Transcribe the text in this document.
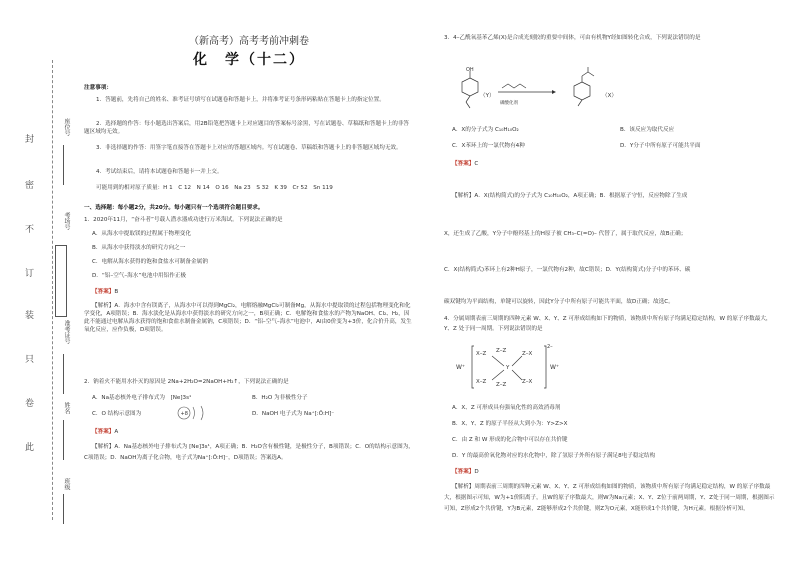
封
密
不
订
装
只
卷
此
座位号
考场号
准考证号
姓名
班级
（新高考）高考考前冲刺卷
化　学（十二）
注意事项：
1．答题前，先将自己的姓名、准考证号填写在试题卷和答题卡上，并将准考证号条形码粘贴在答题卡上的指定位置。
2．选择题的作答：每小题选出答案后，用2B铅笔把答题卡上对应题目的答案标号涂黑，写在试题卷、草稿纸和答题卡上的非答题区域均无效。
3．非选择题的作答：用签字笔直接答在答题卡上对应的答题区域内。写在试题卷、草稿纸和答题卡上的非答题区域均无效。
4．考试结束后，请将本试题卷和答题卡一并上交。
可能用到的相对原子质量：H 1　C 12　N 14　O 16　Na 23　S 32　K 39　Cr 52　Sn 119
一、选择题：每小题2分，共20分。每小题只有一个选项符合题目要求。
1．2020年11月，“奋斗者”号载人潜水器成功进行万米海试。下列说法正确的是
A．从海水中提取镁的过程属于物理变化
B．从海水中获得淡水的研究方向之一
C．电解从海水获得的饱和食盐水可制备金属钠
D．“铝–空气–海水”电池中用铝作正极
【答案】B
【解析】A．海水中含有镁离子，从海水中可以得到MgCl₂，电解熔融MgCl₂可制备Mg，从海水中提取镁的过程包括物理变化和化学变化，A项错误；B．海水淡化是从海水中获得淡水的研究方向之一，B项正确；C．电解饱和食盐水的产物为NaOH、Cl₂、H₂，因此不能通过电解从海水获得的饱和食盐水制备金属钠，C项错误；D．“铝–空气–海水”电池中，Al由0价变为+3价，化合价升高，发生氧化反应，应作负极，D项错误。
2．钠着火不能用水扑灭的原因是 2Na+2H₂O=2NaOH+H₂↑，下列说法正确的是
A．Na基态核外电子排布式为　[Ne]3s¹	B．H₂O 为非极性分子
C．O 结构示意图为	+8	D．NaOH 电子式为 Na⁺[:Ö:H]⁻
【答案】A
【解析】A．Na基态核外电子排布式为 [Ne]3s¹，A项正确；B．H₂O含有极性键，是极性分子，B项错误；C．O的结构示意图为，C项错误；D．NaOH为离子化合物，电子式为Na⁺[:Ö:H]⁻，D项错误；答案选A。
3．4–乙酰氧基苯乙烯(X)是合成光刻胶的重要中间体，可由有机物Y经如图转化合成，下列说法错误的是
OH
（Y）
磷酸化剂
（X）
A．X的分子式为 C₁₀H₁₀O₂	B．该反应为取代反应
C．X苯环上的一氯代物有4种	D．Y分子中所有原子可能共平面
【答案】C
【解析】A．X(结构简式)的分子式为 C₁₀H₁₀O₂，A项正确；B．根据原子守恒，反应物除了生成
X，还生成了乙酸，Y分子中酚羟基上的H原子被 CH₃–C(=O)– 代替了，属于取代反应，故B正确；
C．X(结构简式)苯环上有2种H原子，一氯代物有2种，故C错误；D．Y(结构简式)分子中的苯环、碳
碳双键均为平面结构，单键可以旋转，因此Y分子中所有原子可能共平面，故D正确；故选C。
4．分属周期表前三周期的四种元素 W、X、Y、Z 可形成结构如下的物质，该物质中所有原子均满足稳定结构，W 的原子序数最大，Y、Z 处于同一周期。下列说法错误的是
W⁺
X–Z Z–Z	Z–X
Y
X–Z Z–Z	Z–X
2–
W⁺
A．X、Z 可形成具有强氧化性的高效消毒剂
B．X、Y、Z 的原子半径从大到小为：Y>Z>X
C．由 Z 和 W 形成的化合物中可以存在共价键
D．Y 的最高价氧化物对应的水化物中，除了氢原子外所有原子满足8电子稳定结构
【答案】D
【解析】周期表前三周期的四种元素 W、X、Y、Z 可形成结构如图的物质，该物质中所有原子均满足稳定结构，W 的原子序数最大，根据图示可知，W为+1价阳离子，且W的原子序数最大，则W为Na元素；X、Y、Z位于前两周期，Y、Z处于同一周期，根据图示可知，Z形成2个共价键，Y为B元素，Z能够形成2个共价键，则Z为O元素，X能形成1个共价键，为H元素。根据分析可知，
